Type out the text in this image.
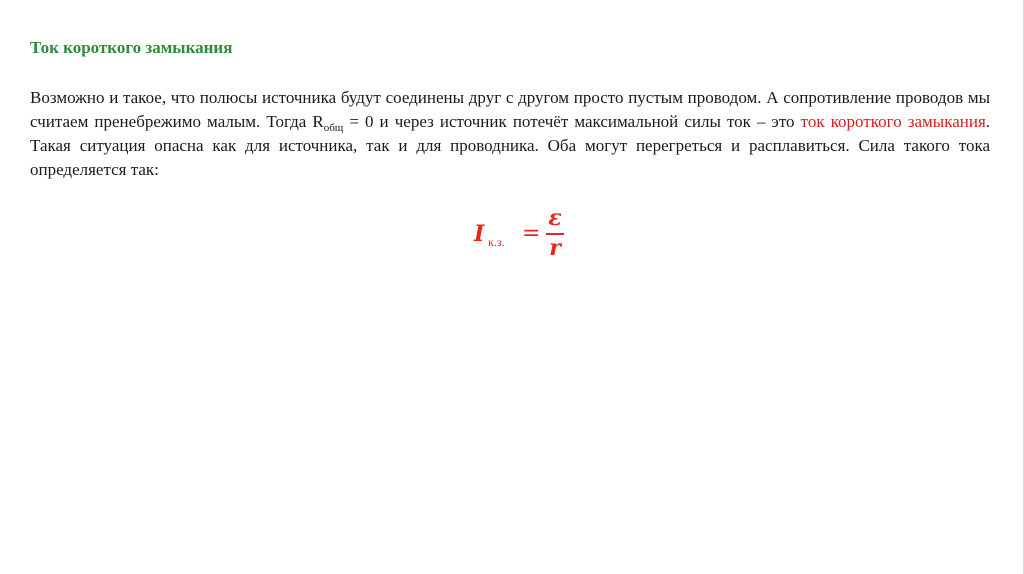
Ток короткого замыкания
Возможно и такое, что полюсы источника будут соединены друг с другом просто пустым проводом. А сопротивление проводов мы считаем пренебрежимо малым. Тогда $R_{общ} = 0$ и через источник потечёт максимальной силы ток – это ток короткого замыкания. Такая ситуация опасна как для источника, так и для проводника. Оба могут перегреться и расплавиться. Сила такого тока определяется так:
I к.з. =
ε
r
